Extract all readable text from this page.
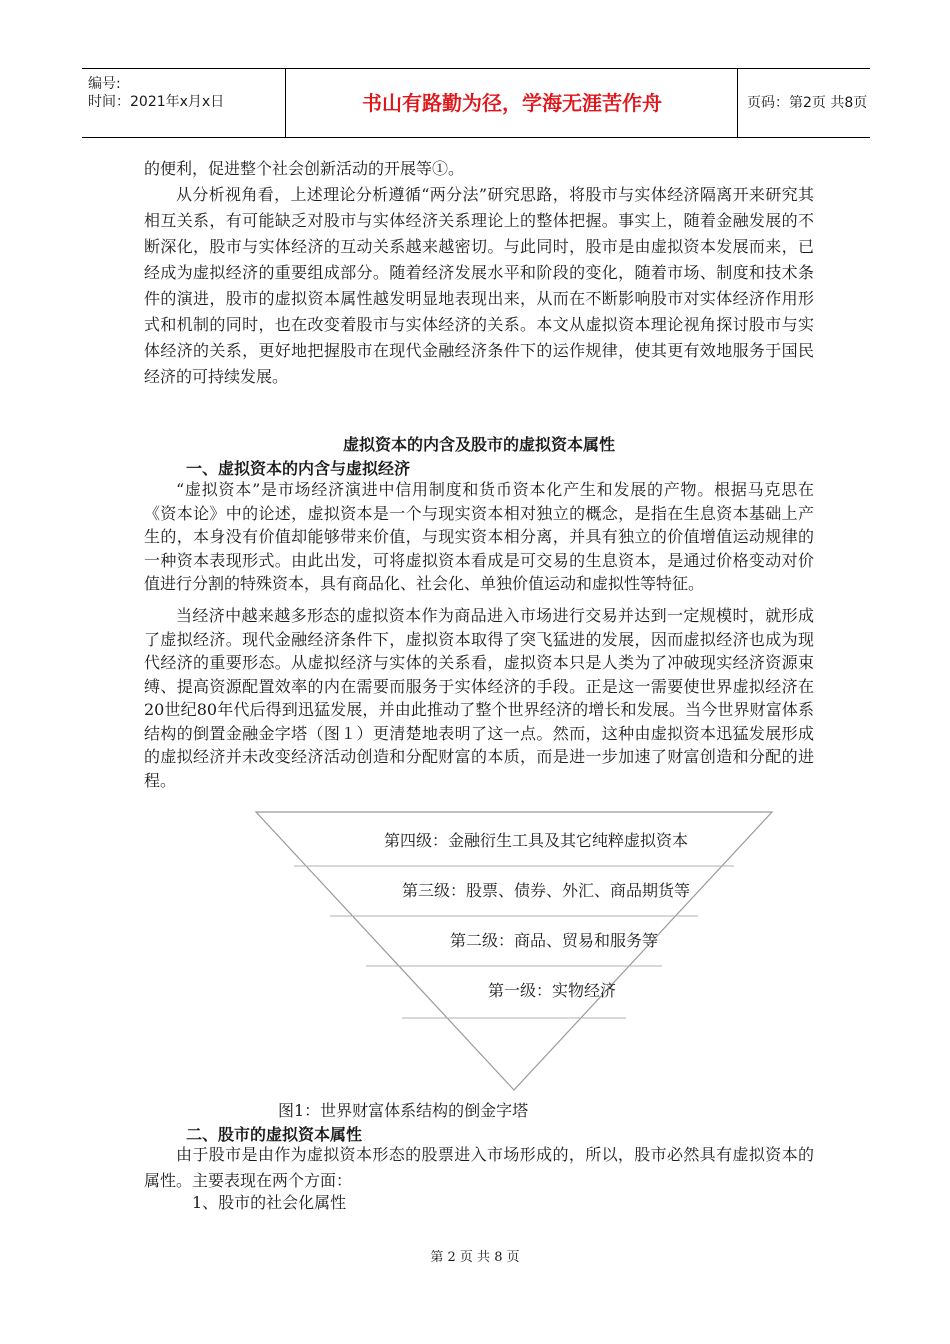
编号:
时间：2021年x月x日	书山有路勤为径，学海无涯苦作舟	页码：第2页 共8页

的便利，促进整个社会创新活动的开展等①。

从分析视角看，上述理论分析遵循“两分法”研究思路，将股市与实体经济隔离开来研究其相互关系，有可能缺乏对股市与实体经济关系理论上的整体把握。事实上，随着金融发展的不断深化，股市与实体经济的互动关系越来越密切。与此同时，股市是由虚拟资本发展而来，已经成为虚拟经济的重要组成部分。随着经济发展水平和阶段的变化，随着市场、制度和技术条件的演进，股市的虚拟资本属性越发明显地表现出来，从而在不断影响股市对实体经济作用形式和机制的同时，也在改变着股市与实体经济的关系。本文从虚拟资本理论视角探讨股市与实体经济的关系，更好地把握股市在现代金融经济条件下的运作规律，使其更有效地服务于国民经济的可持续发展。

虚拟资本的内含及股市的虚拟资本属性
一、虚拟资本的内含与虚拟经济

“虚拟资本”是市场经济演进中信用制度和货币资本化产生和发展的产物。根据马克思在《资本论》中的论述，虚拟资本是一个与现实资本相对独立的概念，是指在生息资本基础上产生的，本身没有价值却能够带来价值，与现实资本相分离，并具有独立的价值增值运动规律的一种资本表现形式。由此出发，可将虚拟资本看成是可交易的生息资本，是通过价格变动对价值进行分割的特殊资本，具有商品化、社会化、单独价值运动和虚拟性等特征。

当经济中越来越多形态的虚拟资本作为商品进入市场进行交易并达到一定规模时，就形成了虚拟经济。现代金融经济条件下，虚拟资本取得了突飞猛进的发展，因而虚拟经济也成为现代经济的重要形态。从虚拟经济与实体的关系看，虚拟资本只是人类为了冲破现实经济资源束缚、提高资源配置效率的内在需要而服务于实体经济的手段。正是这一需要使世界虚拟经济在20世纪80年代后得到迅猛发展，并由此推动了整个世界经济的增长和发展。当今世界财富体系结构的倒置金融金字塔（图１）更清楚地表明了这一点。然而，这种由虚拟资本迅猛发展形成的虚拟经济并未改变经济活动创造和分配财富的本质，而是进一步加速了财富创造和分配的进程。

第四级：金融衍生工具及其它纯粹虚拟资本
第三级：股票、债券、外汇、商品期货等
第二级：商品、贸易和服务等
第一级：实物经济
图1：世界财富体系结构的倒金字塔
二、股市的虚拟资本属性

由于股市是由作为虚拟资本形态的股票进入市场形成的，所以，股市必然具有虚拟资本的属性。主要表现在两个方面：

1、股市的社会化属性

第 2 页 共 8 页
